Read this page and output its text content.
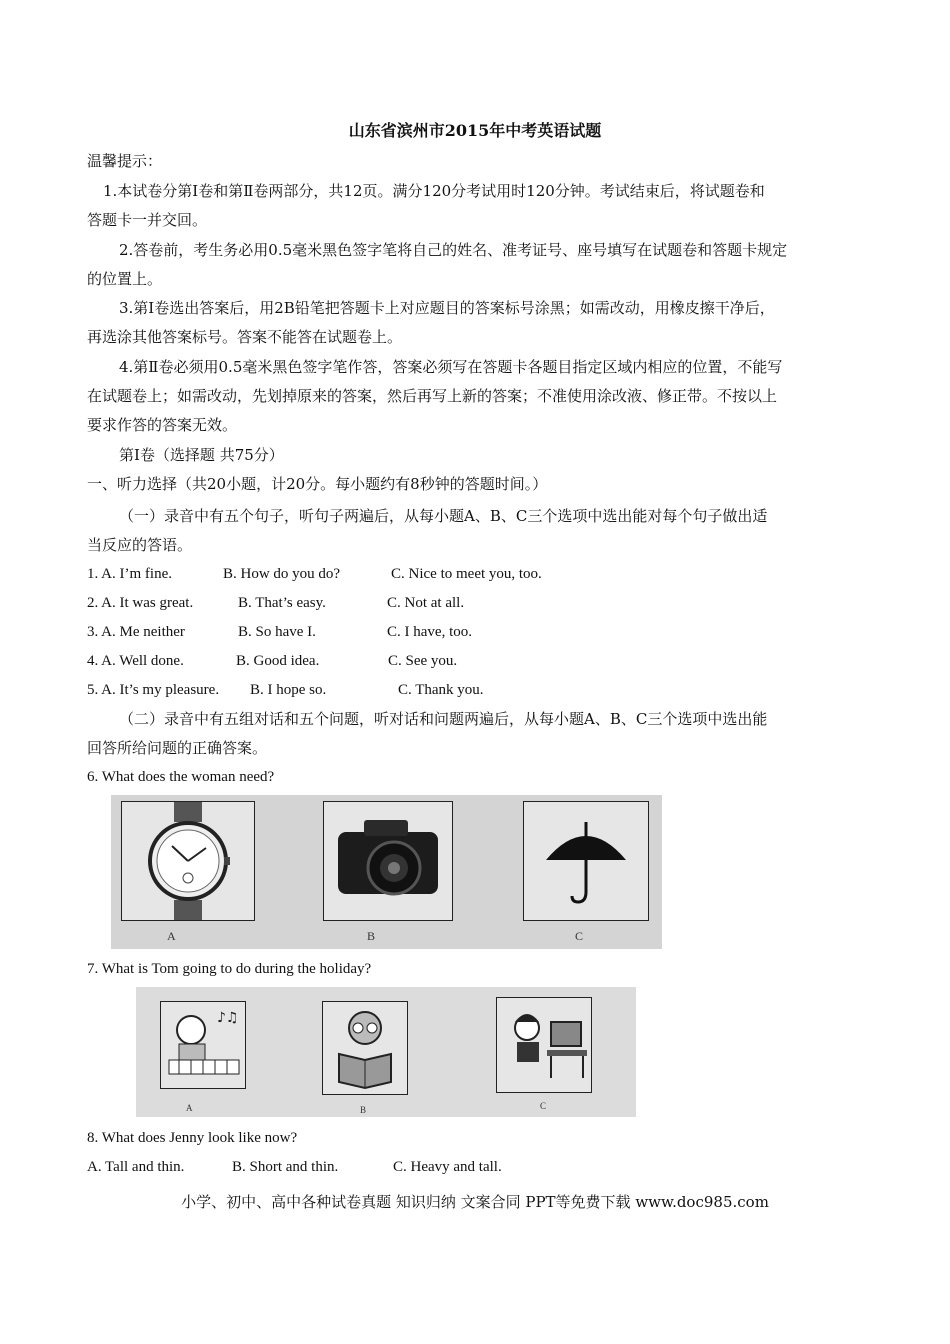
山东省滨州市2015年中考英语试题
温馨提示：
1.本试卷分第Ⅰ卷和第Ⅱ卷两部分，共12页。满分120分考试用时120分钟。考试结束后，将试题卷和
答题卡一并交回。
2.答卷前，考生务必用0.5毫米黑色签字笔将自己的姓名、准考证号、座号填写在试题卷和答题卡规定
的位置上。
3.第Ⅰ卷选出答案后，用2B铅笔把答题卡上对应题目的答案标号涂黑；如需改动，用橡皮擦干净后，
再选涂其他答案标号。答案不能答在试题卷上。
4.第Ⅱ卷必须用0.5毫米黑色签字笔作答，答案必须写在答题卡各题目指定区域内相应的位置，不能写
在试题卷上；如需改动，先划掉原来的答案，然后再写上新的答案；不准使用涂改液、修正带。不按以上
要求作答的答案无效。
第Ⅰ卷（选择题 共75分）
一、听力选择（共20小题，计20分。每小题约有8秒钟的答题时间。）
（一）录音中有五个句子，听句子两遍后，从每小题A、B、C三个选项中选出能对每个句子做出适
当反应的答语。
1. A. I’m fine.	B. How do you do?	C. Nice to meet you, too.
2. A. It was great.	B. That’s easy.	C. Not at all.
3. A. Me neither	B. So have I.	C. I have, too.
4. A. Well done.	B. Good idea.	C. See you.
5. A. It’s my pleasure. B. I hope so.	C. Thank you.
（二）录音中有五组对话和五个问题，听对话和问题两遍后，从每小题A、B、C三个选项中选出能
回答所给问题的正确答案。
6. What does the woman need?
A	B	C
7. What is Tom going to do during the holiday?
♪♫
A	B	C
8. What does Jenny look like now?
A. Tall and thin.	B. Short and thin.	C. Heavy and tall.
小学、初中、高中各种试卷真题 知识归纳 文案合同 PPT等免费下载 www.doc985.com
